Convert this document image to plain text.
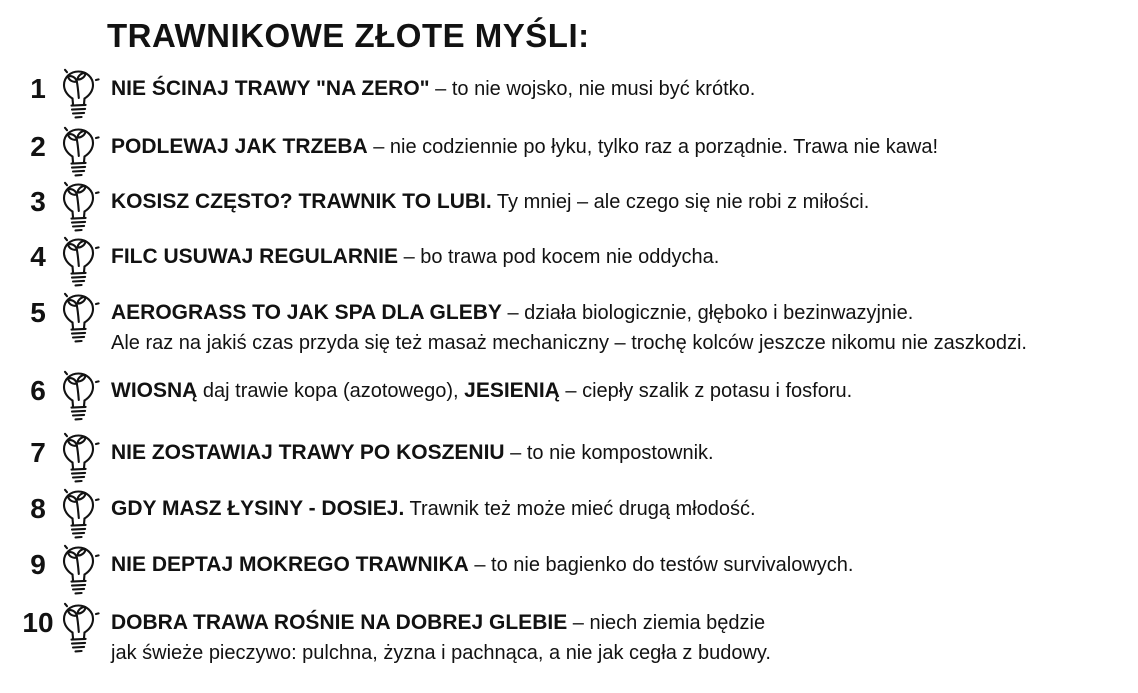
TRAWNIKOWE ZŁOTE MYŚLI:
1	NIE ŚCINAJ TRAWY "NA ZERO" – to nie wojsko, nie musi być krótko.
2	PODLEWAJ JAK TRZEBA – nie codziennie po łyku, tylko raz a porządnie. Trawa nie kawa!
3	KOSISZ CZĘSTO? TRAWNIK TO LUBI. Ty mniej – ale czego się nie robi z miłości.
4	FILC USUWAJ REGULARNIE – bo trawa pod kocem nie oddycha.
5	AEROGRASS TO JAK SPA DLA GLEBY – działa biologicznie, głęboko i bezinwazyjnie.
Ale raz na jakiś czas przyda się też masaż mechaniczny – trochę kolców jeszcze nikomu nie zaszkodzi.
6	WIOSNĄ daj trawie kopa (azotowego), JESIENIĄ – ciepły szalik z potasu i fosforu.
7	NIE ZOSTAWIAJ TRAWY PO KOSZENIU – to nie kompostownik.
8	GDY MASZ ŁYSINY - DOSIEJ. Trawnik też może mieć drugą młodość.
9	NIE DEPTAJ MOKREGO TRAWNIKA – to nie bagienko do testów survivalowych.
10	DOBRA TRAWA ROŚNIE NA DOBREJ GLEBIE – niech ziemia będzie
jak świeże pieczywo: pulchna, żyzna i pachnąca, a nie jak cegła z budowy.
